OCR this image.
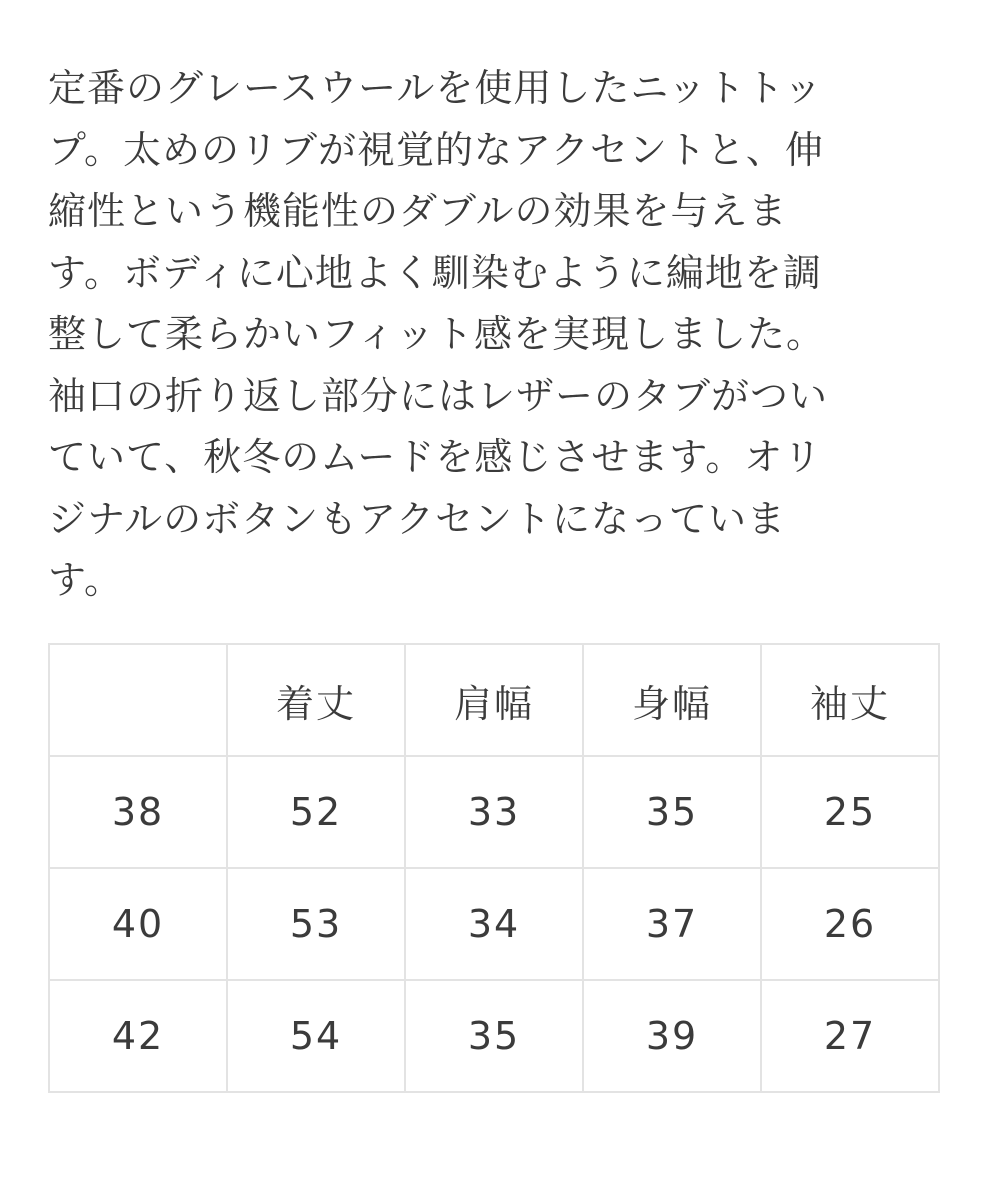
定番のグレースウールを使用したニットトッ
プ。太めのリブが視覚的なアクセントと、伸
縮性という機能性のダブルの効果を与えま
す。ボディに心地よく馴染むように編地を調
整して柔らかいフィット感を実現しました。
袖口の折り返し部分にはレザーのタブがつい
ていて、秋冬のムードを感じさせます。オリ
ジナルのボタンもアクセントになっていま
す。
	着丈	肩幅	身幅	袖丈
38	52	33	35	25
40	53	34	37	26
42	54	35	39	27
